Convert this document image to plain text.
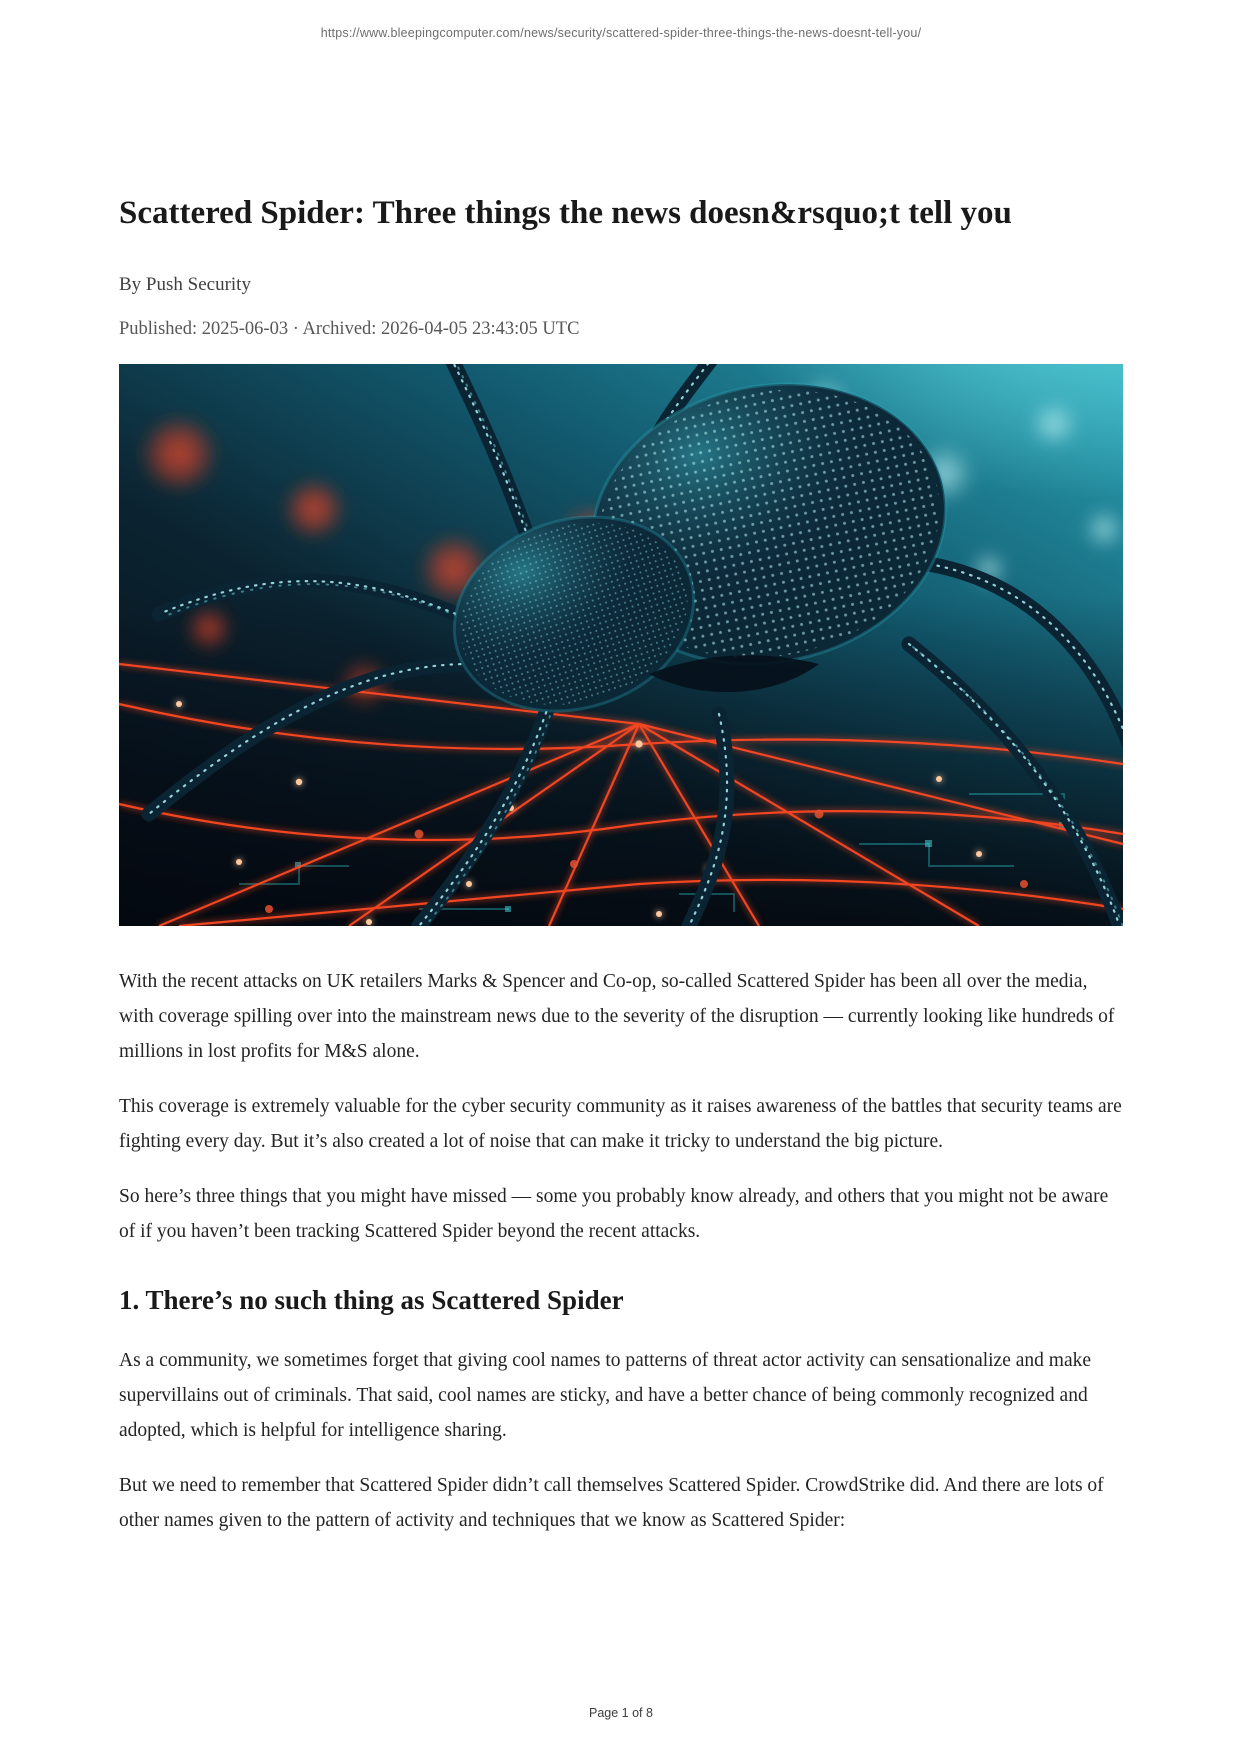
https://www.bleepingcomputer.com/news/security/scattered-spider-three-things-the-news-doesnt-tell-you/
Scattered Spider: Three things the news doesn&rsquo;t tell you
By Push Security
Published: 2025-06-03 · Archived: 2026-04-05 23:43:05 UTC

With the recent attacks on UK retailers Marks & Spencer and Co-op, so-called Scattered Spider has been all over the media, with coverage spilling over into the mainstream news due to the severity of the disruption — currently looking like hundreds of millions in lost profits for M&S alone.

This coverage is extremely valuable for the cyber security community as it raises awareness of the battles that security teams are fighting every day. But it’s also created a lot of noise that can make it tricky to understand the big picture.

So here’s three things that you might have missed — some you probably know already, and others that you might not be aware of if you haven’t been tracking Scattered Spider beyond the recent attacks.

1. There’s no such thing as Scattered Spider

As a community, we sometimes forget that giving cool names to patterns of threat actor activity can sensationalize and make supervillains out of criminals. That said, cool names are sticky, and have a better chance of being commonly recognized and adopted, which is helpful for intelligence sharing.

But we need to remember that Scattered Spider didn’t call themselves Scattered Spider. CrowdStrike did. And there are lots of other names given to the pattern of activity and techniques that we know as Scattered Spider:

Page 1 of 8
